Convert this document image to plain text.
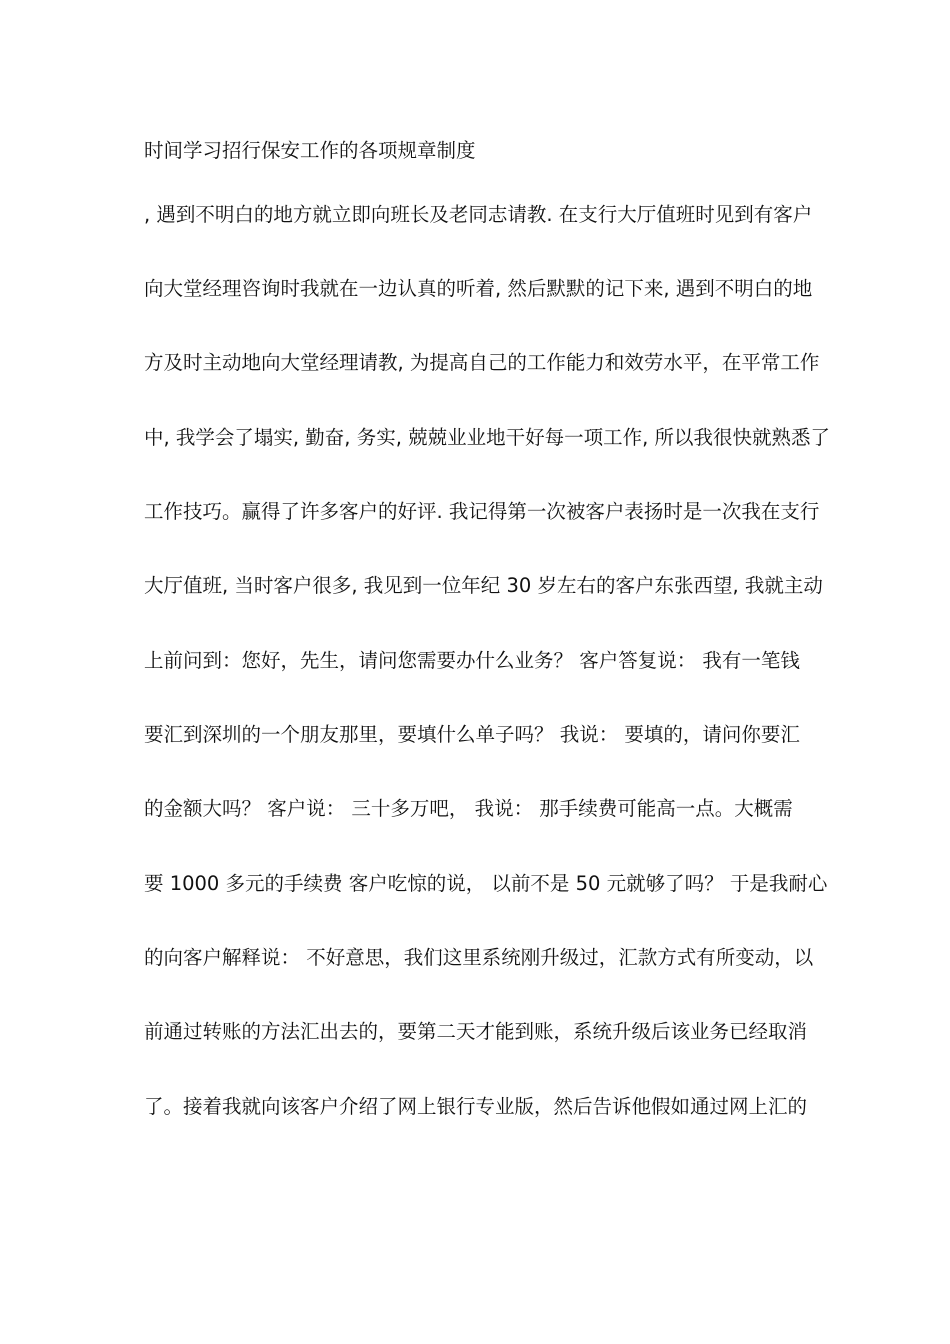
时间学习招行保安工作的各项规章制度
, 遇到不明白的地方就立即向班长及老同志请教. 在支行大厅值班时见到有客户
向大堂经理咨询时我就在一边认真的听着, 然后默默的记下来, 遇到不明白的地
方及时主动地向大堂经理请教, 为提高自己的工作能力和效劳水平，在平常工作
中, 我学会了塌实, 勤奋, 务实, 兢兢业业地干好每一项工作, 所以我很快就熟悉了
工作技巧。赢得了许多客户的好评. 我记得第一次被客户表扬时是一次我在支行
大厅值班, 当时客户很多, 我见到一位年纪 30 岁左右的客户东张西望, 我就主动
上前问到：您好，先生，请问您需要办什么业务？ 客户答复说： 我有一笔钱
要汇到深圳的一个朋友那里，要填什么单子吗？ 我说： 要填的，请问你要汇
的金额大吗？ 客户说： 三十多万吧， 我说： 那手续费可能高一点。大概需
要 1000 多元的手续费 客户吃惊的说， 以前不是 50 元就够了吗？ 于是我耐心
的向客户解释说： 不好意思，我们这里系统刚升级过，汇款方式有所变动，以
前通过转账的方法汇出去的，要第二天才能到账，系统升级后该业务已经取消
了。接着我就向该客户介绍了网上银行专业版，然后告诉他假如通过网上汇的
